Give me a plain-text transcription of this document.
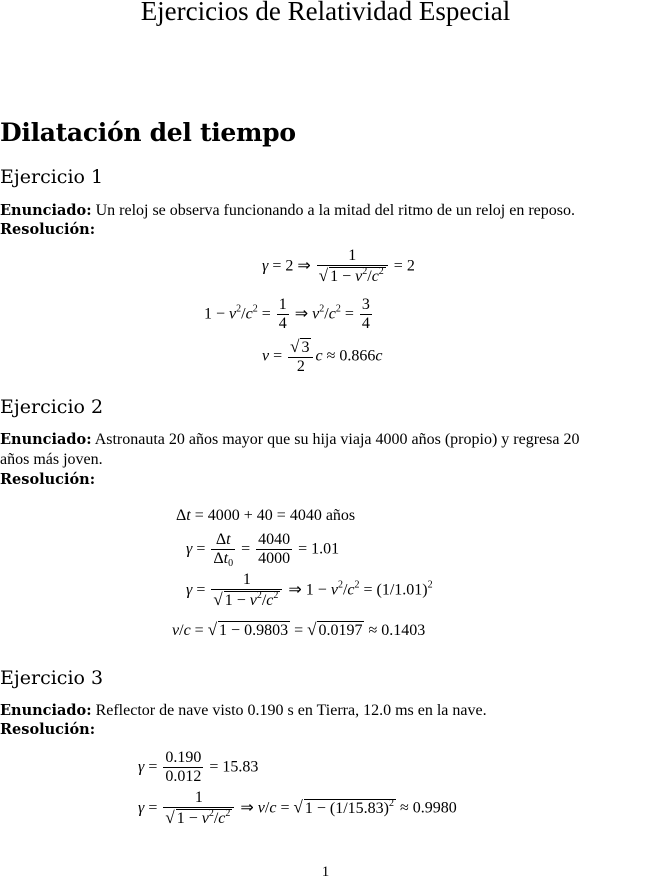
Ejercicios de Relatividad Especial
Dilatación del tiempo
Ejercicio 1
Enunciado: Un reloj se observa funcionando a la mitad del ritmo de un reloj en reposo.
Resolución:
γ = 2 ⇒ $\frac{1}{√ 1 - v^2/c^2} = 2$
$1 - v^2/c^2 = \frac{1}{4}$ ⇒ $v^2/c^2 = \frac{3}{4}$
$v = \frac{√ 3}{2}$ c ≈ 0.866c
Ejercicio 2
Enunciado: Astronauta 20 años mayor que su hija viaja 4000 años (propio) y regresa 20
años más joven.
Resolución:
Δt = 4000 + 40 = 4040 años
$\gamma = \frac{\Delta t}{\Delta t_0} = \frac{4040}{4000} = 1.01$
$\gamma = \frac{1}{√ 1 - v^2/c^2}$ ⇒ $1 - v^2/c^2 = (1/1.01)^2$
v/c = √ 1 − 0.9803 = √ 0.0197 ≈ 0.1403
Ejercicio 3
Enunciado: Reflector de nave visto 0.190 s en Tierra, 12.0 ms en la nave.
Resolución:
$\gamma = \frac{0.190}{0.012} = 15.83$
$\gamma = \frac{1}{√ 1 - v^2/c^2}$ ⇒ v/c = √ $1 - (1/15.83)^2 \approx 0.9980$
1
